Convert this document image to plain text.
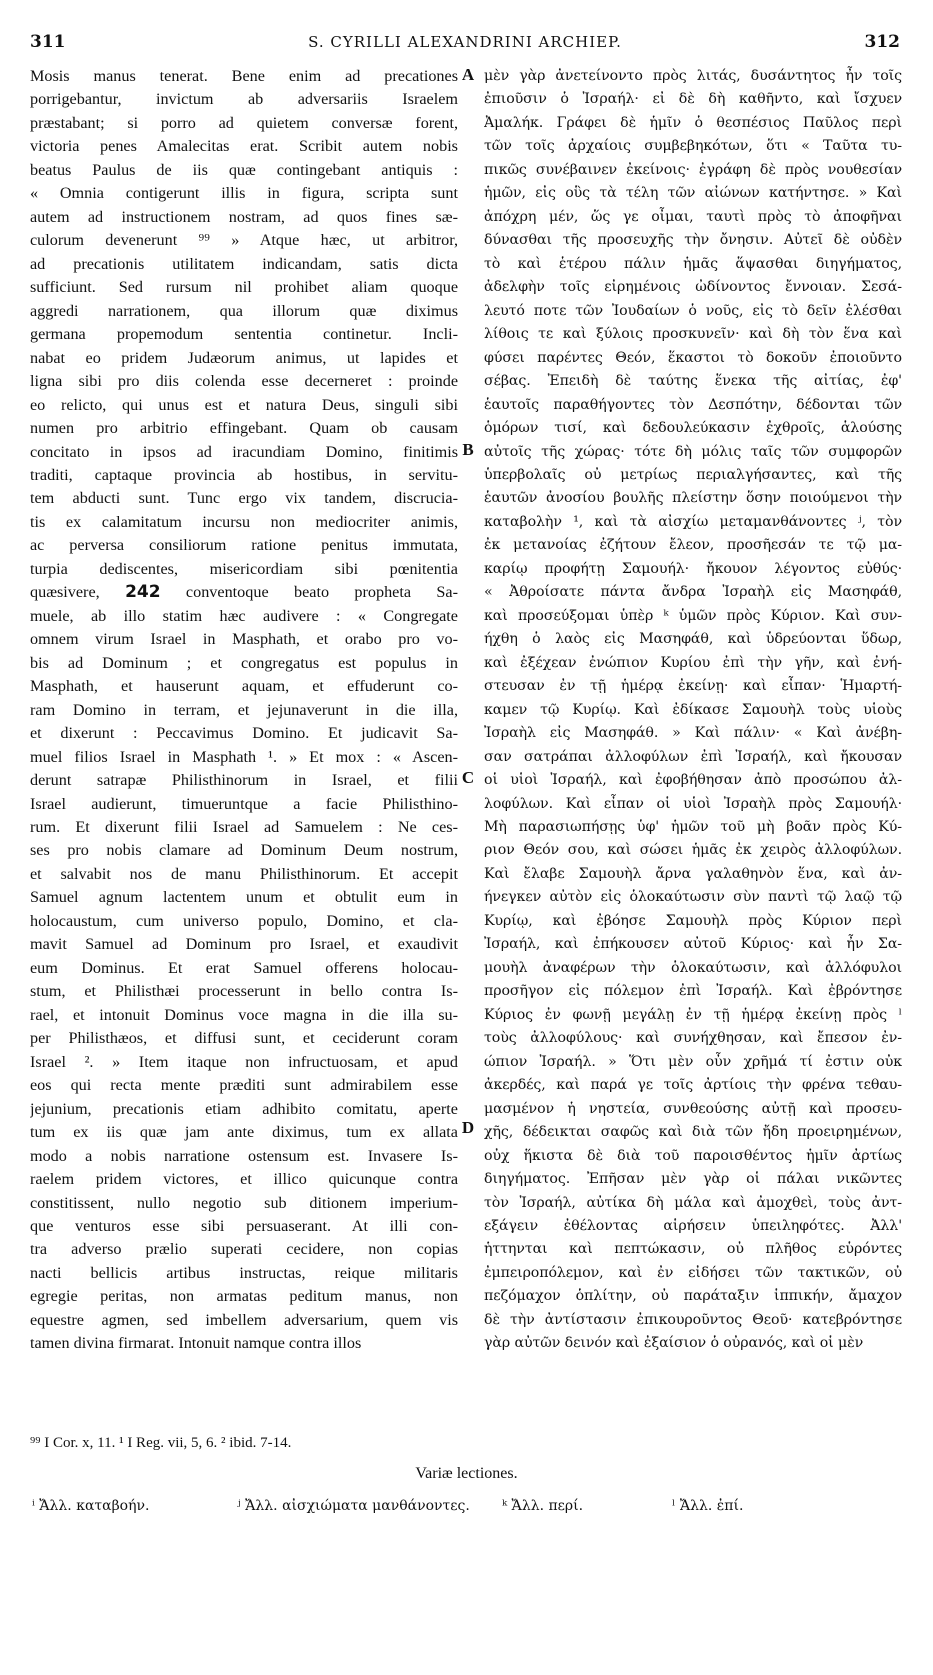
311	S. CYRILLI ALEXANDRINI ARCHIEP.	312
Mosis manus tenerat. Bene enim ad precationes
porrigebantur, invictum ab adversariis Israelem
præstabant; si porro ad quietem conversæ forent,
victoria penes Amalecitas erat. Scribit autem nobis
beatus Paulus de iis quæ contingebant antiquis :
« Omnia contigerunt illis in figura, scripta sunt
autem ad instructionem nostram, ad quos fines sæ-
culorum devenerunt ⁹⁹ » Atque hæc, ut arbitror,
ad precationis utilitatem indicandam, satis dicta
sufficiunt. Sed rursum nil prohibet aliam quoque
aggredi narrationem, qua illorum quæ diximus
germana propemodum sententia continetur. Incli-
nabat eo pridem Judæorum animus, ut lapides et
ligna sibi pro diis colenda esse decerneret : proinde
eo relicto, qui unus est et natura Deus, singuli sibi
numen pro arbitrio effingebant. Quam ob causam
concitato in ipsos ad iracundiam Domino, finitimis
traditi, captaque provincia ab hostibus, in servitu-
tem abducti sunt. Tunc ergo vix tandem, discrucia-
tis ex calamitatum incursu non mediocriter animis,
ac perversa consiliorum ratione penitus immutata,
turpia dediscentes, misericordiam sibi pœnitentia
quæsivere, 242 conventoque beato propheta Sa-
muele, ab illo statim hæc audivere : « Congregate
omnem virum Israel in Masphath, et orabo pro vo-
bis ad Dominum ; et congregatus est populus in
Masphath, et hauserunt aquam, et effuderunt co-
ram Domino in terram, et jejunaverunt in die illa,
et dixerunt : Peccavimus Domino. Et judicavit Sa-
muel filios Israel in Masphath ¹. » Et mox : « Ascen-
derunt satrapæ Philisthinorum in Israel, et filii
Israel audierunt, timueruntque a facie Philisthino-
rum. Et dixerunt filii Israel ad Samuelem : Ne ces-
ses pro nobis clamare ad Dominum Deum nostrum,
et salvabit nos de manu Philisthinorum. Et accepit
Samuel agnum lactentem unum et obtulit eum in
holocaustum, cum universo populo, Domino, et cla-
mavit Samuel ad Dominum pro Israel, et exaudivit
eum Dominus. Et erat Samuel offerens holocau-
stum, et Philisthæi processerunt in bello contra Is-
rael, et intonuit Dominus voce magna in die illa su-
per Philisthæos, et diffusi sunt, et ceciderunt coram
Israel ². » Item itaque non infructuosam, et apud
eos qui recta mente præditi sunt admirabilem esse
jejunium, precationis etiam adhibito comitatu, aperte
tum ex iis quæ jam ante diximus, tum ex allata
modo a nobis narratione ostensum est. Invasere Is-
raelem pridem victores, et illico quicunque contra
constitissent, nullo negotio sub ditionem imperium-
que venturos esse sibi persuaserant. At illi con-
tra adverso prælio superati cecidere, non copias
nacti bellicis artibus instructas, reique militaris
egregie peritas, non armatas peditum manus, non
equestre agmen, sed imbellem adversarium, quem vis
tamen divina firmarat. Intonuit namque contra illos
μὲν γὰρ ἀνετείνοντο πρὸς λιτάς, δυσάντητος ἦν τοῖς
ἐπιοῦσιν ὁ Ἰσραήλ· εἰ δὲ δὴ καθῆντο, καὶ ἴσχυεν
Ἀμαλήκ. Γράφει δὲ ἡμῖν ὁ θεσπέσιος Παῦλος περὶ
τῶν τοῖς ἀρχαίοις συμβεβηκότων, ὅτι « Ταῦτα τυ-
πικῶς συνέβαινεν ἐκείνοις· ἐγράφη δὲ πρὸς νουθεσίαν
ἡμῶν, εἰς οὓς τὰ τέλη τῶν αἰώνων κατήντησε. » Καὶ
ἀπόχρη μέν, ὥς γε οἶμαι, ταυτὶ πρὸς τὸ ἀποφῆναι
δύνασθαι τῆς προσευχῆς τὴν ὄνησιν. Αὐτεῖ δὲ οὐδὲν
τὸ καὶ ἑτέρου πάλιν ἡμᾶς ἅψασθαι διηγήματος,
ἀδελφὴν τοῖς εἰρημένοις ὠδίνοντος ἔννοιαν. Σεσά-
λευτό ποτε τῶν Ἰουδαίων ὁ νοῦς, εἰς τὸ δεῖν ἐλέσθαι
λίθοις τε καὶ ξύλοις προσκυνεῖν· καὶ δὴ τὸν ἕνα καὶ
φύσει παρέντες Θεόν, ἕκαστοι τὸ δοκοῦν ἐποιοῦντο
σέβας. Ἐπειδὴ δὲ ταύτης ἕνεκα τῆς αἰτίας, ἐφ'
ἑαυτοῖς παραθήγοντες τὸν Δεσπότην, δέδονται τῶν
ὁμόρων τισί, καὶ δεδουλεύκασιν ἐχθροῖς, ἁλούσης
αὐτοῖς τῆς χώρας· τότε δὴ μόλις ταῖς τῶν συμφορῶν
ὑπερβολαῖς οὐ μετρίως περιαλγήσαντες, καὶ τῆς
ἑαυτῶν ἀνοσίου βουλῆς πλείστην ὅσην ποιούμενοι τὴν
καταβολὴν ¹, καὶ τὰ αἰσχίω μεταμανθάνοντες ʲ, τὸν
ἐκ μετανοίας ἐζήτουν ἔλεον, προσῆεσάν τε τῷ μα-
καρίῳ προφήτῃ Σαμουήλ· ἤκουον λέγοντος εὐθύς·
« Ἀθροίσατε πάντα ἄνδρα Ἰσραὴλ εἰς Μασηφάθ,
καὶ προσεύξομαι ὑπὲρ ᵏ ὑμῶν πρὸς Κύριον. Καὶ συν-
ήχθη ὁ λαὸς εἰς Μασηφάθ, καὶ ὑδρεύονται ὕδωρ,
καὶ ἐξέχεαν ἐνώπιον Κυρίου ἐπὶ τὴν γῆν, καὶ ἐνή-
στευσαν ἐν τῇ ἡμέρᾳ ἐκείνῃ· καὶ εἶπαν· Ἡμαρτή-
καμεν τῷ Κυρίῳ. Καὶ ἐδίκασε Σαμουὴλ τοὺς υἱοὺς
Ἰσραὴλ εἰς Μασηφάθ. » Καὶ πάλιν· « Καὶ ἀνέβη-
σαν σατράπαι ἀλλοφύλων ἐπὶ Ἰσραήλ, καὶ ἤκουσαν
οἱ υἱοὶ Ἰσραήλ, καὶ ἐφοβήθησαν ἀπὸ προσώπου ἀλ-
λοφύλων. Καὶ εἶπαν οἱ υἱοὶ Ἰσραὴλ πρὸς Σαμουήλ·
Μὴ παρασιωπήσῃς ὑφ' ἡμῶν τοῦ μὴ βοᾶν πρὸς Κύ-
ριον Θεόν σου, καὶ σώσει ἡμᾶς ἐκ χειρὸς ἀλλοφύλων.
Καὶ ἔλαβε Σαμουὴλ ἄρνα γαλαθηνὸν ἕνα, καὶ ἀν-
ήνεγκεν αὐτὸν εἰς ὁλοκαύτωσιν σὺν παντὶ τῷ λαῷ τῷ
Κυρίῳ, καὶ ἐβόησε Σαμουὴλ πρὸς Κύριον περὶ
Ἰσραήλ, καὶ ἐπήκουσεν αὐτοῦ Κύριος· καὶ ἦν Σα-
μουὴλ ἀναφέρων τὴν ὁλοκαύτωσιν, καὶ ἀλλόφυλοι
προσῆγον εἰς πόλεμον ἐπὶ Ἰσραήλ. Καὶ ἐβρόντησε
Κύριος ἐν φωνῇ μεγάλῃ ἐν τῇ ἡμέρᾳ ἐκείνῃ πρὸς ˡ
τοὺς ἀλλοφύλους· καὶ συνήχθησαν, καὶ ἔπεσον ἐν-
ώπιον Ἰσραήλ. » Ὅτι μὲν οὖν χρῆμά τί ἐστιν οὐκ
ἀκερδές, καὶ παρά γε τοῖς ἀρτίοις τὴν φρένα τεθαυ-
μασμένον ἡ νηστεία, συνθεούσης αὐτῇ καὶ προσευ-
χῆς, δέδεικται σαφῶς καὶ διὰ τῶν ἤδη προειρημένων,
οὐχ ἥκιστα δὲ διὰ τοῦ παροισθέντος ἡμῖν ἀρτίως
διηγήματος. Ἐπῆσαν μὲν γὰρ οἱ πάλαι νικῶντες
τὸν Ἰσραήλ, αὐτίκα δὴ μάλα καὶ ἀμοχθεὶ, τοὺς ἀντ-
εξάγειν ἐθέλοντας αἱρήσειν ὑπειληφότες. Ἀλλ'
ἡττηνται καὶ πεπτώκασιν, οὐ πλῆθος εὑρόντες
ἐμπειροπόλεμον, καὶ ἐν εἰδήσει τῶν τακτικῶν, οὐ
πεζόμαχον ὁπλίτην, οὐ παράταξιν ἱππικήν, ἄμαχον
δὲ τὴν ἀντίστασιν ἐπικουροῦντος Θεοῦ· κατεβρόντησε
γὰρ αὐτῶν δεινόν καὶ ἐξαίσιον ὁ οὐρανός, καὶ οἱ μὲν
A
B
C
D
⁹⁹ I Cor. x, 11. ¹ I Reg. vii, 5, 6. ² ibid. 7-14.
Variæ lectiones.
ⁱ Ἄλλ. καταβοήν.	ʲ Ἄλλ. αἰσχιώματα μανθάνοντες. ᵏ Ἄλλ. περί.	ˡ Ἄλλ. ἐπί.
